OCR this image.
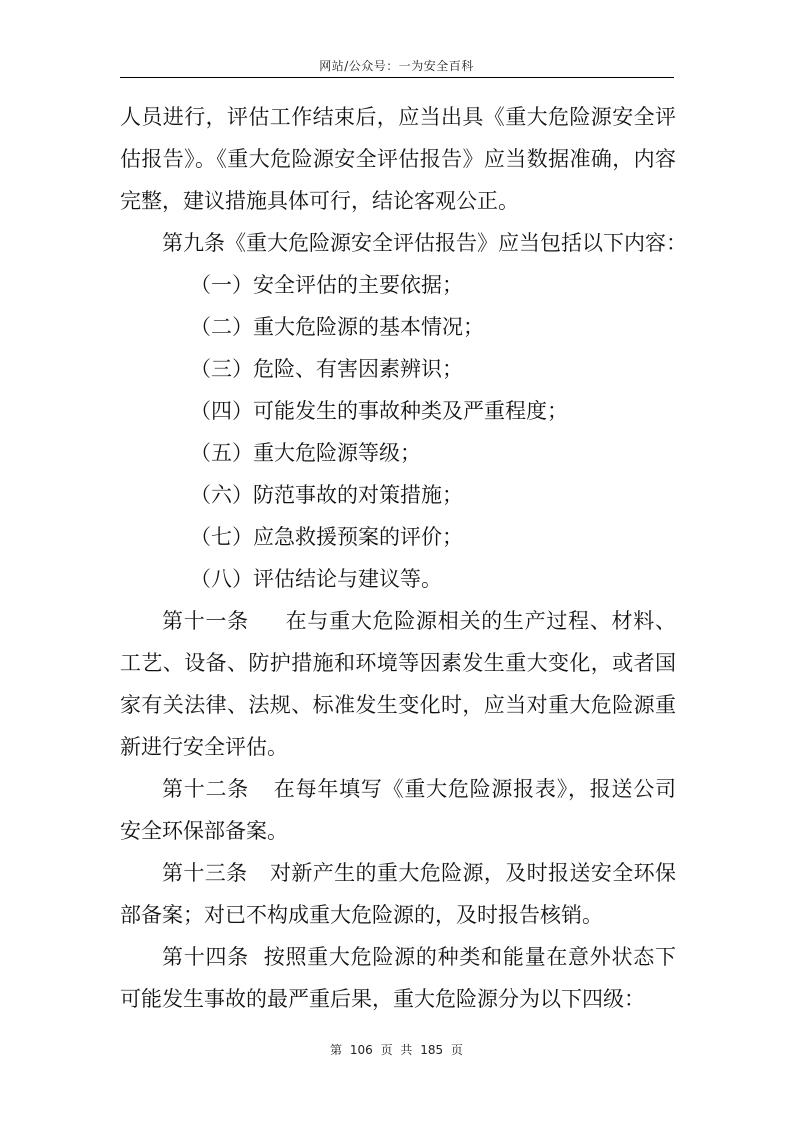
网站/公众号：一为安全百科

人员进行，评估工作结束后，应当出具《重大危险源安全评

估报告》。《重大危险源安全评估报告》应当数据准确，内容

完整，建议措施具体可行，结论客观公正。

第九条《重大危险源安全评估报告》应当包括以下内容：

（一）安全评估的主要依据；

（二）重大危险源的基本情况；

（三）危险、有害因素辨识；

（四）可能发生的事故种类及严重程度；

（五）重大危险源等级；

（六）防范事故的对策措施；

（七）应急救援预案的评价；

（八）评估结论与建议等。

第十一条 在与重大危险源相关的生产过程、材料、

工艺、设备、防护措施和环境等因素发生重大变化，或者国

家有关法律、法规、标准发生变化时，应当对重大危险源重

新进行安全评估。

第十二条 在每年填写《重大危险源报表》，报送公司

安全环保部备案。

第十三条 对新产生的重大危险源，及时报送安全环保

部备案；对已不构成重大危险源的，及时报告核销。

第十四条 按照重大危险源的种类和能量在意外状态下

可能发生事故的最严重后果，重大危险源分为以下四级：

第 106 页 共 185 页
